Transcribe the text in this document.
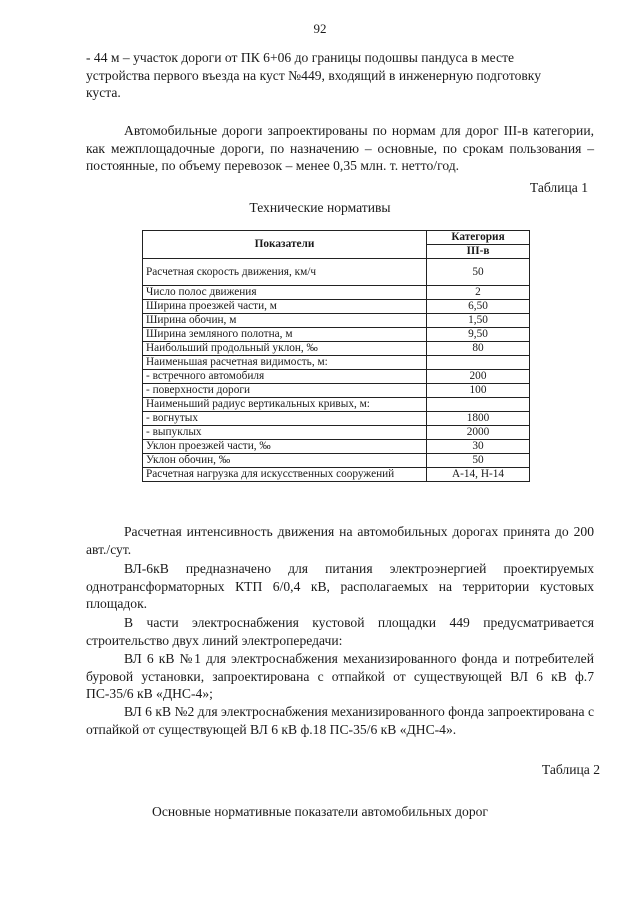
92
- 44 м – участок дороги от ПК 6+06 до границы подошвы пандуса в месте
устройства первого въезда на куст №449, входящий в инженерную подготовку
куста.
Автомобильные дороги запроектированы по нормам для дорог III-в категории, как межплощадочные дороги, по назначению – основные, по срокам пользования – постоянные, по объему перевозок – менее 0,35 млн. т. нетто/год.
Таблица 1
Технические нормативы
Показатели	Категория
	III-в
Расчетная скорость движения, км/ч	50
Число полос движения	2
Ширина проезжей части, м	6,50
Ширина обочин, м	1,50
Ширина земляного полотна, м	9,50
Наибольший продольный уклон, ‰	80
Наименьшая расчетная видимость, м:	
- встречного автомобиля	200
- поверхности дороги	100
Наименьший радиус вертикальных кривых, м:	
- вогнутых	1800
- выпуклых	2000
Уклон проезжей части, ‰	30
Уклон обочин, ‰	50
Расчетная нагрузка для искусственных сооружений	А-14, Н-14
Расчетная интенсивность движения на автомобильных дорогах принята до 200 авт./сут.
ВЛ-6кВ предназначено для питания электроэнергией проектируемых однотрансформаторных КТП 6/0,4 кВ, располагаемых на территории кустовых площадок.
В части электроснабжения кустовой площадки 449 предусматривается строительство двух линий электропередачи:
ВЛ 6 кВ №1 для электроснабжения механизированного фонда и потребителей буровой установки, запроектирована с отпайкой от существующей ВЛ 6 кВ ф.7 ПС-35/6 кВ «ДНС-4»;
ВЛ 6 кВ №2 для электроснабжения механизированного фонда запроектирована с отпайкой от существующей ВЛ 6 кВ ф.18 ПС-35/6 кВ «ДНС-4».
Таблица 2
Основные нормативные показатели автомобильных дорог
